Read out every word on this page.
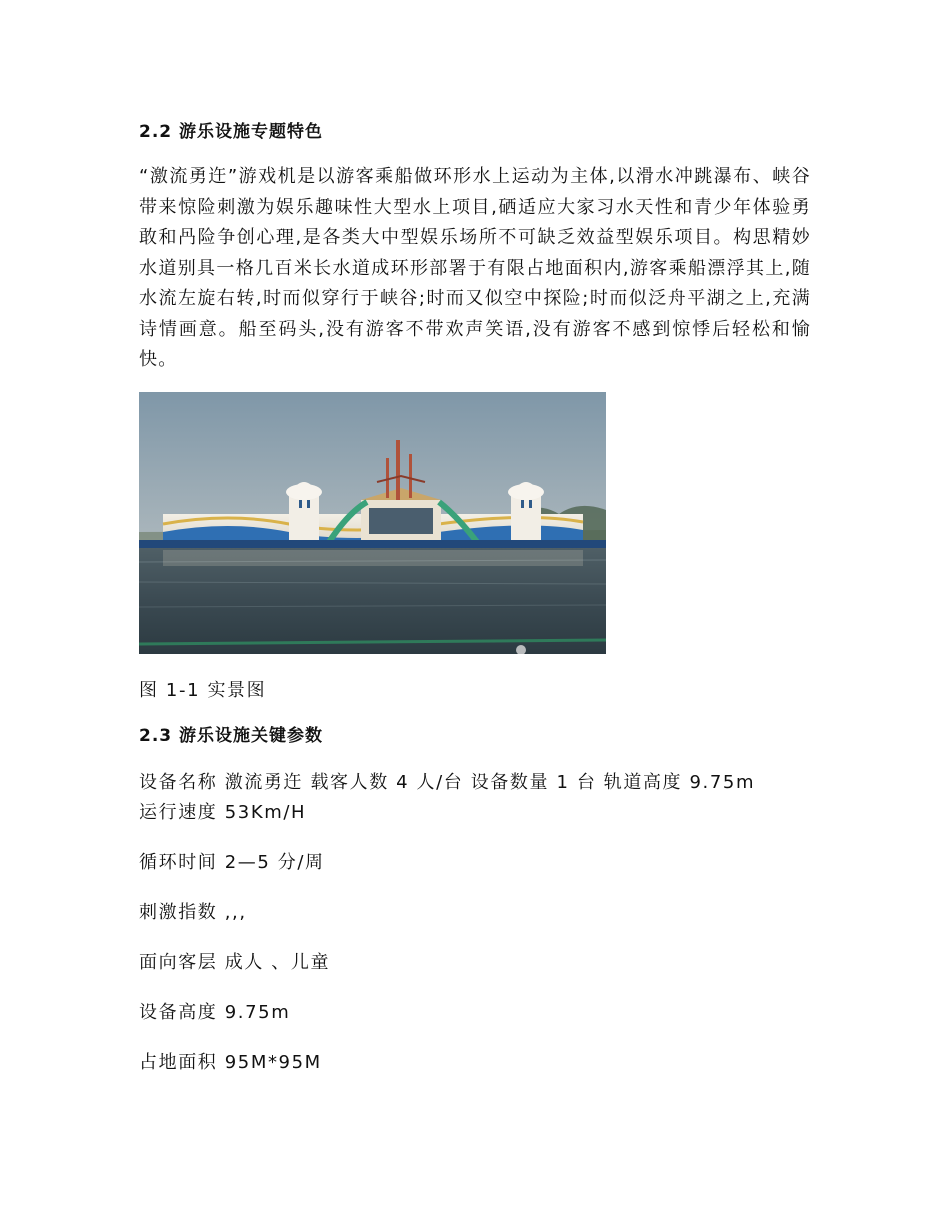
2.2 游乐设施专题特色

“激流勇迕”游戏机是以游客乘船做环形水上运动为主体,以滑水冲跳瀑布、峡谷带来惊险刺激为娱乐趣味性大型水上项目,硒适应大家习水天性和青少年体验勇敢和冎险争创心理,是各类大中型娱乐场所不可缺乏效益型娱乐项目。构思精妙水道别具一格几百米长水道成环形部署于有限占地面积内,游客乘船漂浮其上,随水流左旋右转,时而似穿行于峡谷;时而又似空中探险;时而似泛舟平湖之上,充满诗情画意。船至码头,没有游客不带欢声笑语,没有游客不感到惊悸后轻松和愉快。

图 1-1 实景图
2.3 游乐设施关键参数

设备名称 激流勇迕 载客人数 4 人/台 设备数量 1 台 轨道高度 9.75m

运行速度 53Km/H

循环时间 2—5 分/周

刺激指数 ,,,

面向客层 成人 、儿童

设备高度 9.75m

占地面积 95M*95M
